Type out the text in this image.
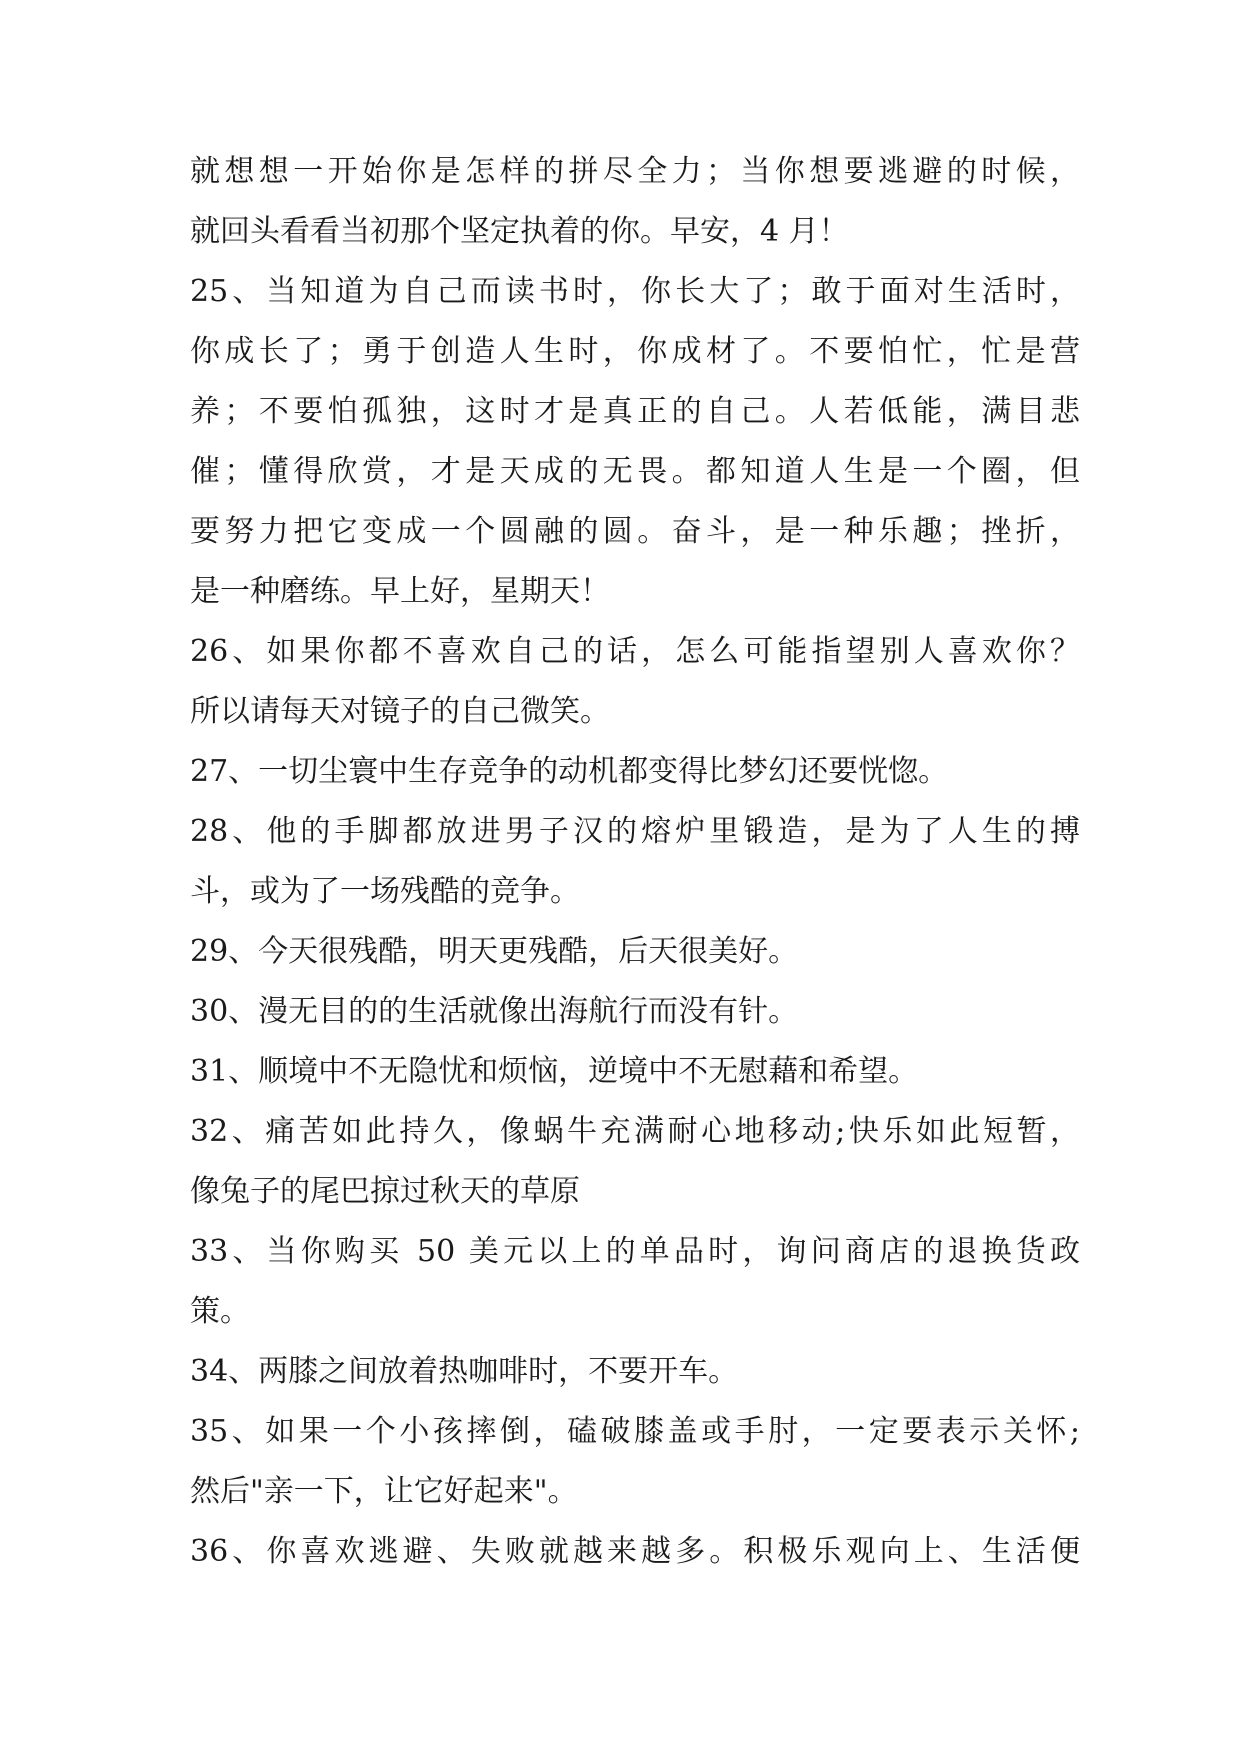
就想想一开始你是怎样的拼尽全力；当你想要逃避的时候，
就回头看看当初那个坚定执着的你。早安，4 月！
25、当知道为自己而读书时，你长大了；敢于面对生活时，
你成长了；勇于创造人生时，你成材了。不要怕忙，忙是营
养；不要怕孤独，这时才是真正的自己。人若低能，满目悲
催；懂得欣赏，才是天成的无畏。都知道人生是一个圈，但
要努力把它变成一个圆融的圆。奋斗，是一种乐趣；挫折，
是一种磨练。早上好，星期天！
26、如果你都不喜欢自己的话，怎么可能指望别人喜欢你？
所以请每天对镜子的自己微笑。
27、一切尘寰中生存竞争的动机都变得比梦幻还要恍惚。
28、他的手脚都放进男子汉的熔炉里锻造，是为了人生的搏
斗，或为了一场残酷的竞争。
29、今天很残酷，明天更残酷，后天很美好。
30、漫无目的的生活就像出海航行而没有针。
31、顺境中不无隐忧和烦恼，逆境中不无慰藉和希望。
32、痛苦如此持久，像蜗牛充满耐心地移动;快乐如此短暂，
像兔子的尾巴掠过秋天的草原
33、当你购买 50 美元以上的单品时，询问商店的退换货政
策。
34、两膝之间放着热咖啡时，不要开车。
35、如果一个小孩摔倒，磕破膝盖或手肘，一定要表示关怀;
然后"亲一下，让它好起来"。
36、你喜欢逃避、失败就越来越多。积极乐观向上、生活便
